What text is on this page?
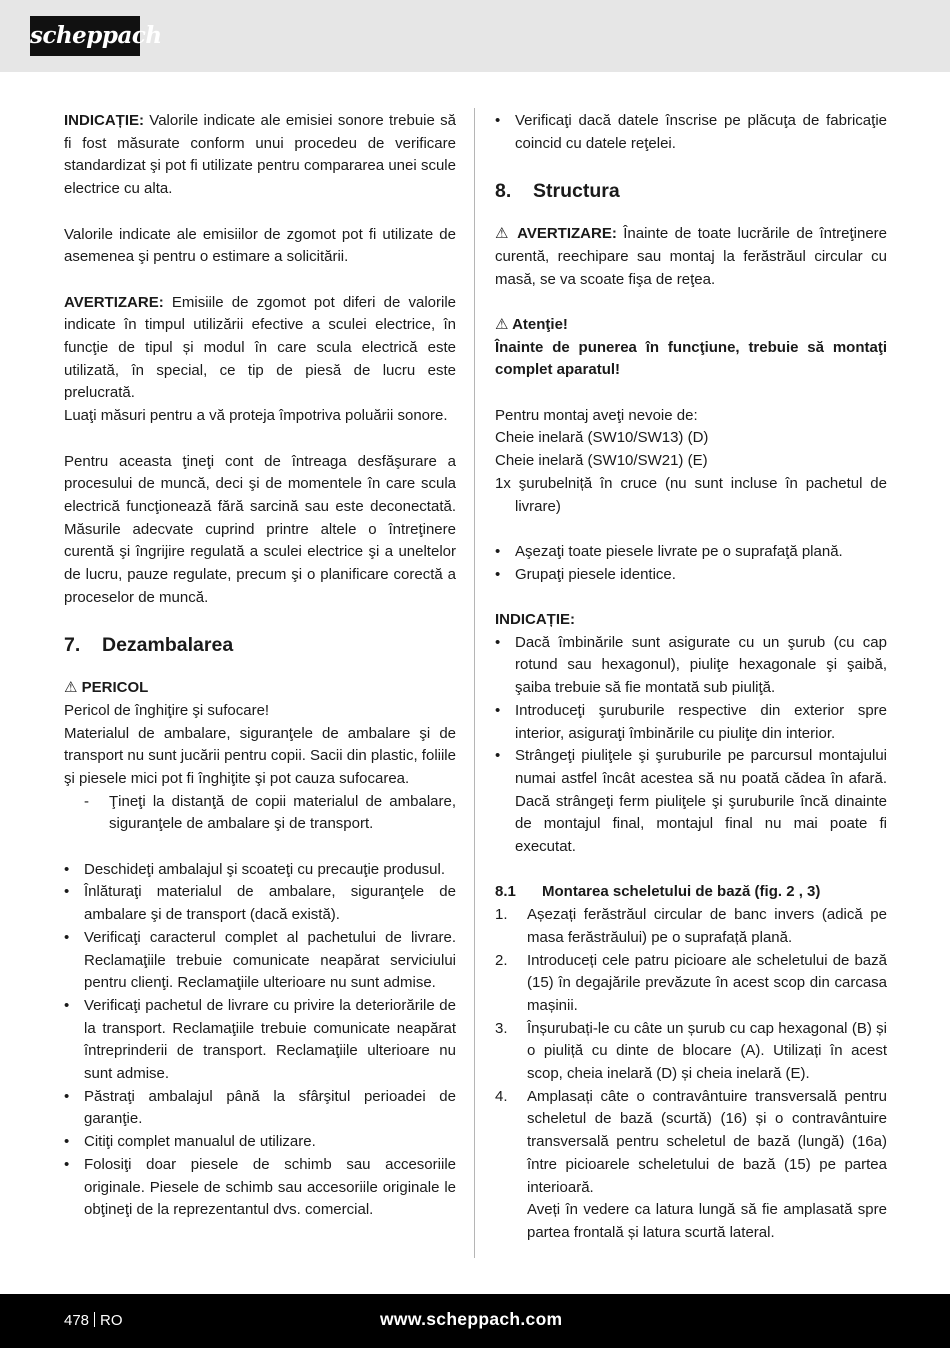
scheppach

INDICAȚIE: Valorile indicate ale emisiei sonore trebuie să fi fost măsurate conform unui procedeu de verificare standardizat şi pot fi utilizate pentru compararea unei scule electrice cu alta.

Valorile indicate ale emisiilor de zgomot pot fi utilizate de asemenea şi pentru o estimare a solicitării.

AVERTIZARE: Emisiile de zgomot pot diferi de valorile indicate în timpul utilizării efective a sculei electrice, în funcţie de tipul și modul în care scula electrică este utilizată, în special, ce tip de piesă de lucru este prelucrată.

Luaţi măsuri pentru a vă proteja împotriva poluării sonore.

Pentru aceasta ţineţi cont de întreaga desfăşurare a procesului de muncă, deci şi de momentele în care scula electrică funcţionează fără sarcină sau este deconectată. Măsurile adecvate cuprind printre altele o întreţinere curentă şi îngrijire regulată a sculei electrice şi a uneltelor de lucru, pauze regulate, precum şi o planificare corectă a proceselor de muncă.

7. Dezambalarea

⚠ PERICOL

Pericol de înghiţire şi sufocare!

Materialul de ambalare, siguranţele de ambalare şi de transport nu sunt jucării pentru copii. Sacii din plastic, foliile şi piesele mici pot fi înghiţite şi pot cauza sufocarea.

- Ţineţi la distanţă de copii materialul de ambalare, siguranţele de ambalare şi de transport.
• Deschideţi ambalajul şi scoateţi cu precauţie produsul.
• Înlăturaţi materialul de ambalare, siguranţele de ambalare şi de transport (dacă există).
• Verificaţi caracterul complet al pachetului de livrare. Reclamaţiile trebuie comunicate neapărat serviciului pentru clienţi. Reclamaţiile ulterioare nu sunt admise.
• Verificaţi pachetul de livrare cu privire la deteriorările de la transport. Reclamaţiile trebuie comunicate neapărat întreprinderii de transport. Reclamaţiile ulterioare nu sunt admise.
• Păstraţi ambalajul până la sfârşitul perioadei de garanţie.
• Citiţi complet manualul de utilizare.
• Folosiţi doar piesele de schimb sau accesoriile originale. Piesele de schimb sau accesoriile originale le obţineţi de la reprezentantul dvs. comercial.
• Verificaţi dacă datele înscrise pe plăcuţa de fabricaţie coincid cu datele reţelei.
8. Structura

⚠ AVERTIZARE: Înainte de toate lucrările de întreţinere curentă, reechipare sau montaj la ferăstrăul circular cu masă, se va scoate fişa de reţea.

⚠ Atenţie!

Înainte de punerea în funcţiune, trebuie să montaţi complet aparatul!

Pentru montaj aveţi nevoie de:

Cheie inelară (SW10/SW13) (D)

Cheie inelară (SW10/SW21) (E)

1x şurubelniță în cruce (nu sunt incluse în pachetul de livrare)

• Aşezaţi toate piesele livrate pe o suprafaţă plană.
• Grupaţi piesele identice.

INDICAȚIE:

• Dacă îmbinările sunt asigurate cu un şurub (cu cap rotund sau hexagonul), piuliţe hexagonale şi şaibă, şaiba trebuie să fie montată sub piuliţă.
• Introduceţi şuruburile respective din exterior spre interior, asiguraţi îmbinările cu piuliţe din interior.
• Strângeţi piuliţele şi şuruburile pe parcursul montajului numai astfel încât acestea să nu poată cădea în afară. Dacă strângeţi ferm piuliţele şi şuruburile încă dinainte de montajul final, montajul final nu mai poate fi executat.

8.1 Montarea scheletului de bază (fig. 2 , 3)

1. Așezați ferăstrăul circular de banc invers (adică pe masa ferăstrăului) pe o suprafață plană.
2. Introduceți cele patru picioare ale scheletului de bază (15) în degajările prevăzute în acest scop din carcasa mașinii.
3. Înșurubați-le cu câte un șurub cu cap hexagonal (B) și o piuliță cu dinte de blocare (A). Utilizați în acest scop, cheia inelară (D) și cheia inelară (E).
4. Amplasați câte o contravântuire transversală pentru scheletul de bază (scurtă) (16) și o contravântuire transversală pentru scheletul de bază (lungă) (16a) între picioarele scheletului de bază (15) pe partea interioară.
Aveți în vedere ca latura lungă să fie amplasată spre partea frontală și latura scurtă lateral.
478 RO	www.scheppach.com
